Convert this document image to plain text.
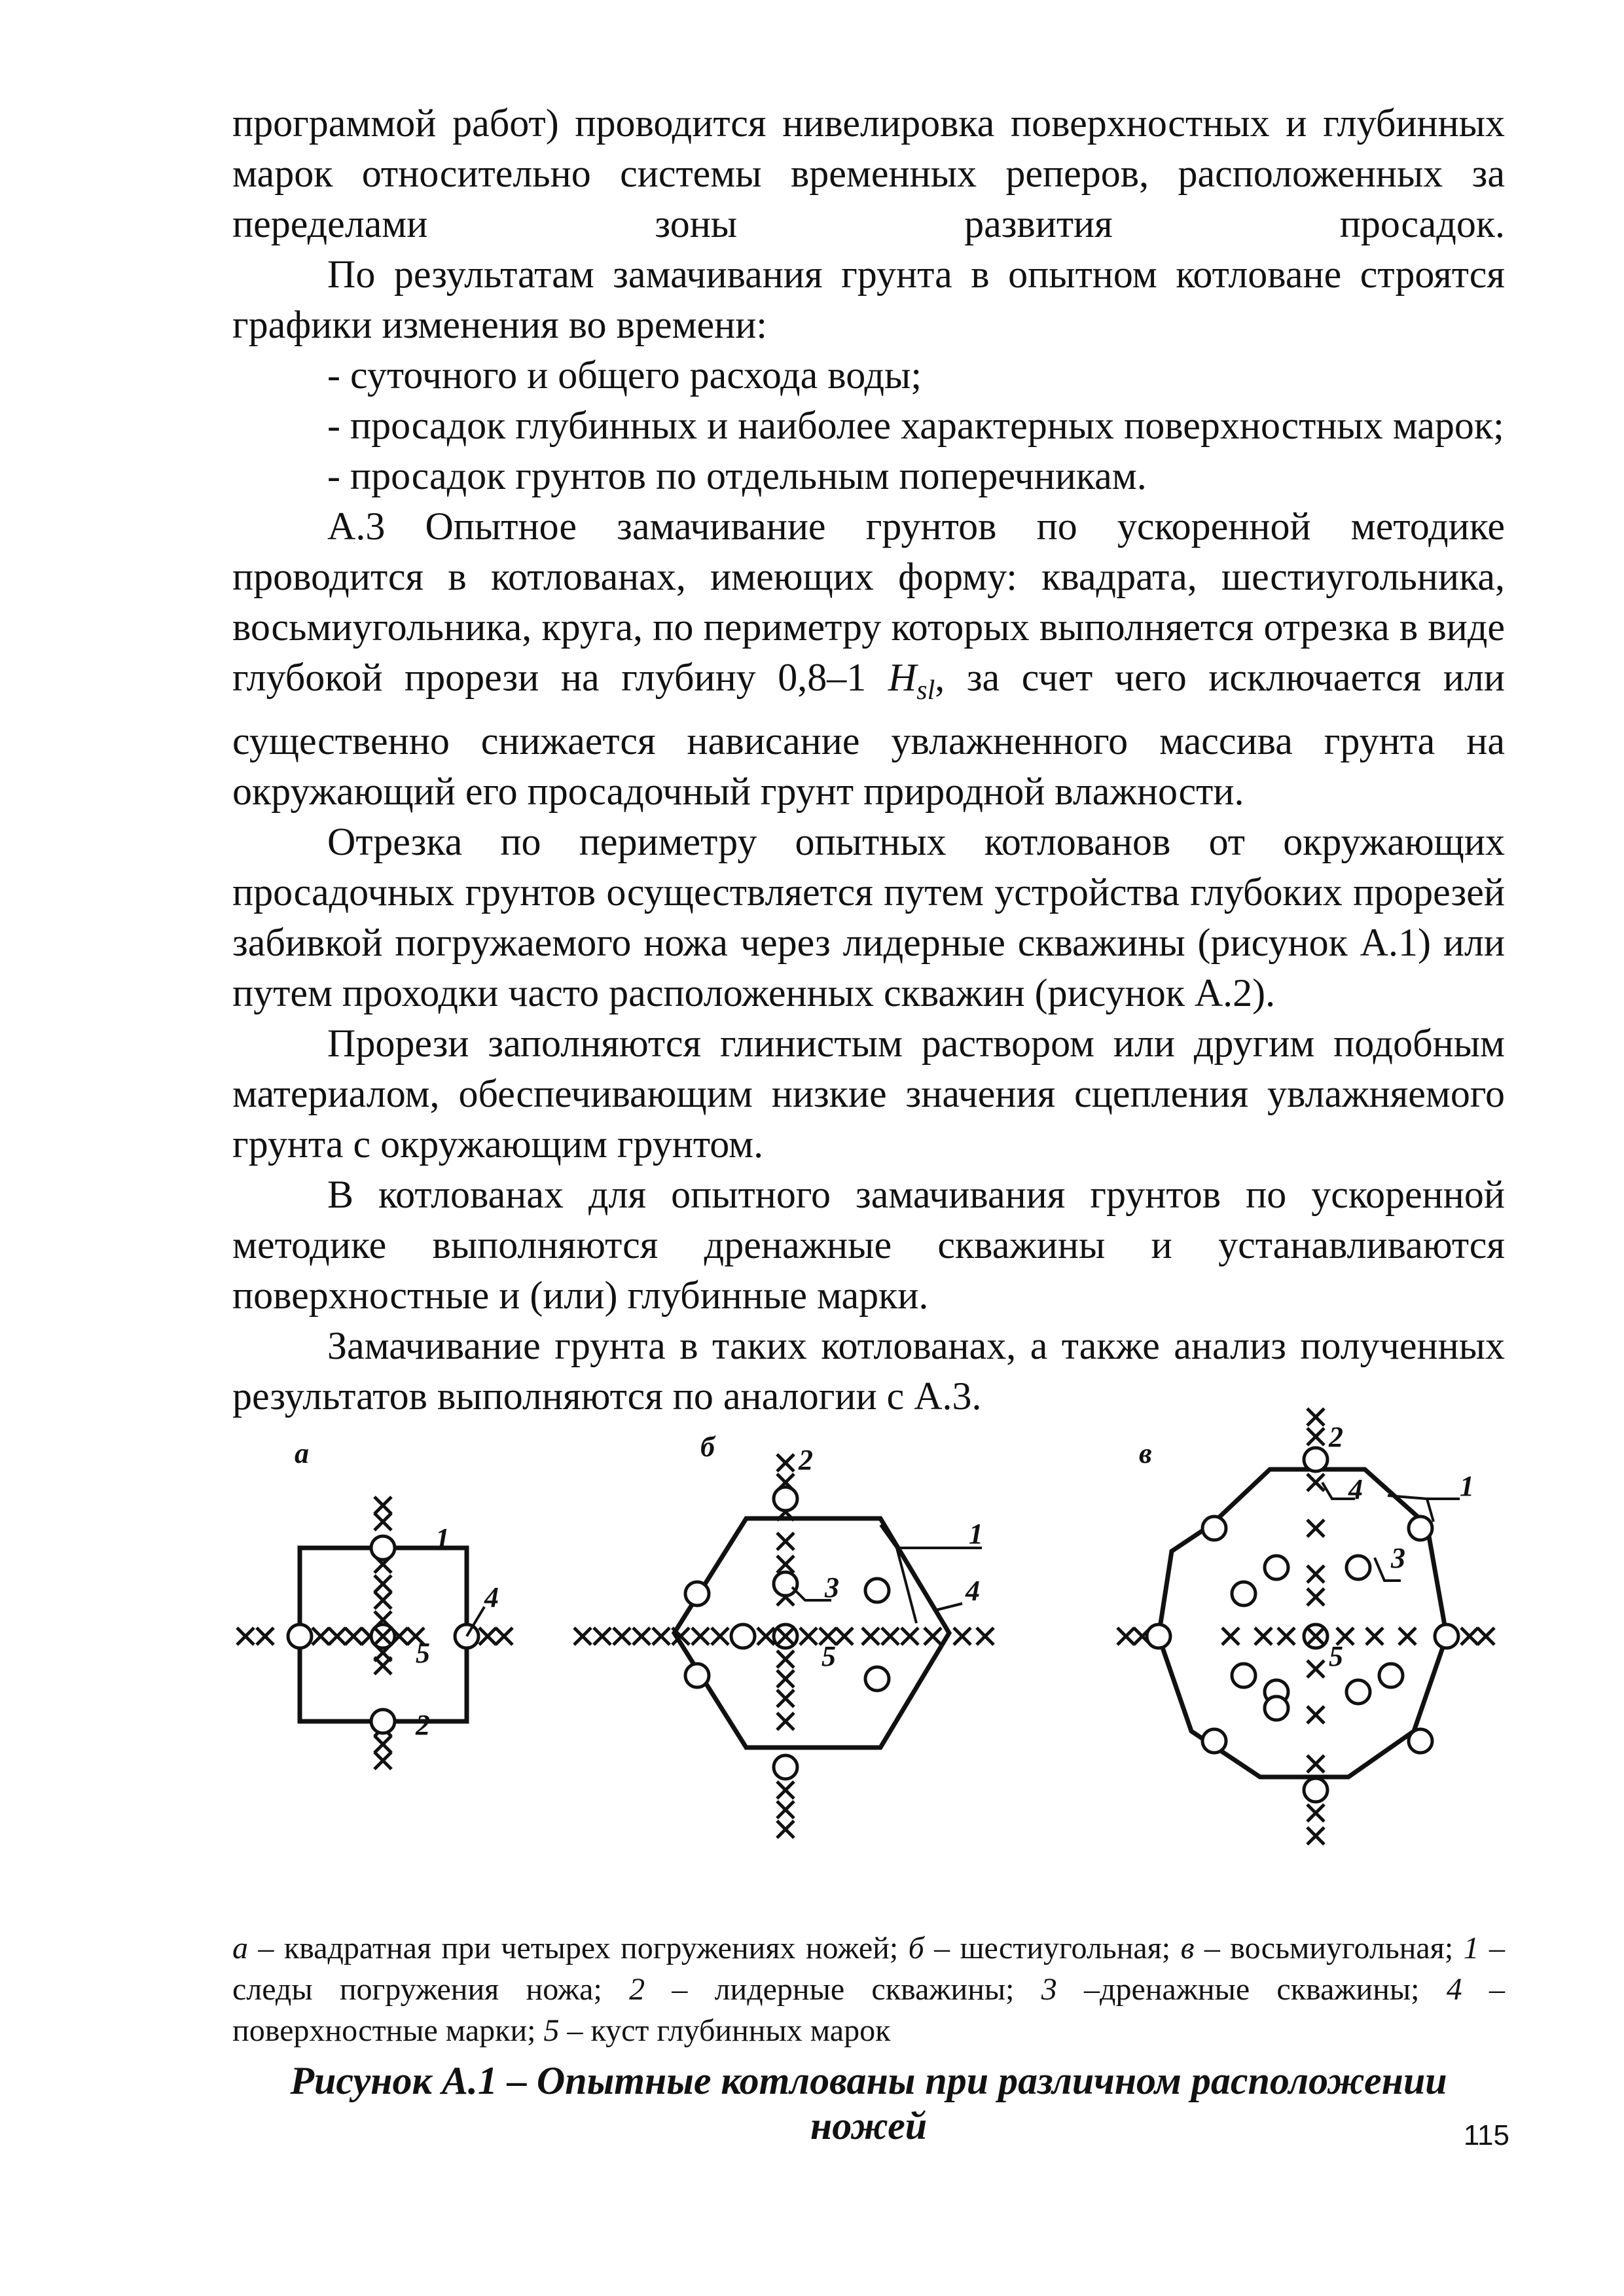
программой работ) проводится нивелировка поверхностных и глубинных марок относительно системы временных реперов, расположенных за переделами зоны развития просадок.

По результатам замачивания грунта в опытном котловане строятся графики изменения во времени:

- суточного и общего расхода воды;

- просадок глубинных и наиболее характерных поверхностных марок;

- просадок грунтов по отдельным поперечникам.

А.3 Опытное замачивание грунтов по ускоренной методике проводится в котлованах, имеющих форму: квадрата, шестиугольника, восьмиугольника, круга, по периметру которых выполняется отрезка в виде глубокой прорези на глубину 0,8–1 $H_{sl}$, за счет чего исключается или существенно снижается нависание увлажненного массива грунта на окружающий его просадочный грунт природной влажности.

Отрезка по периметру опытных котлованов от окружающих просадочных грунтов осуществляется путем устройства глубоких прорезей забивкой погружаемого ножа через лидерные скважины (рисунок А.1) или путем проходки часто расположенных скважин (рисунок А.2).

Прорези заполняются глинистым раствором или другим подобным материалом, обеспечивающим низкие значения сцепления увлажняемого грунта с окружающим грунтом.

В котлованах для опытного замачивания грунтов по ускоренной методике выполняются дренажные скважины и устанавливаются поверхностные и (или) глубинные марки.

Замачивание грунта в таких котлованах, а также анализ полученных результатов выполняются по аналогии с А.3.

а
1
2
4
5
б	2
1
3	4
5
в
2
1
3
4
5
а – квадратная при четырех погружениях ножей; б – шестиугольная; в – восьмиугольная; 1 – следы погружения ножа; 2 – лидерные скважины; 3 –дренажные скважины; 4 – поверхностные марки; 5 – куст глубинных марок
Рисунок А.1 – Опытные котлованы при различном расположении ножей	115
